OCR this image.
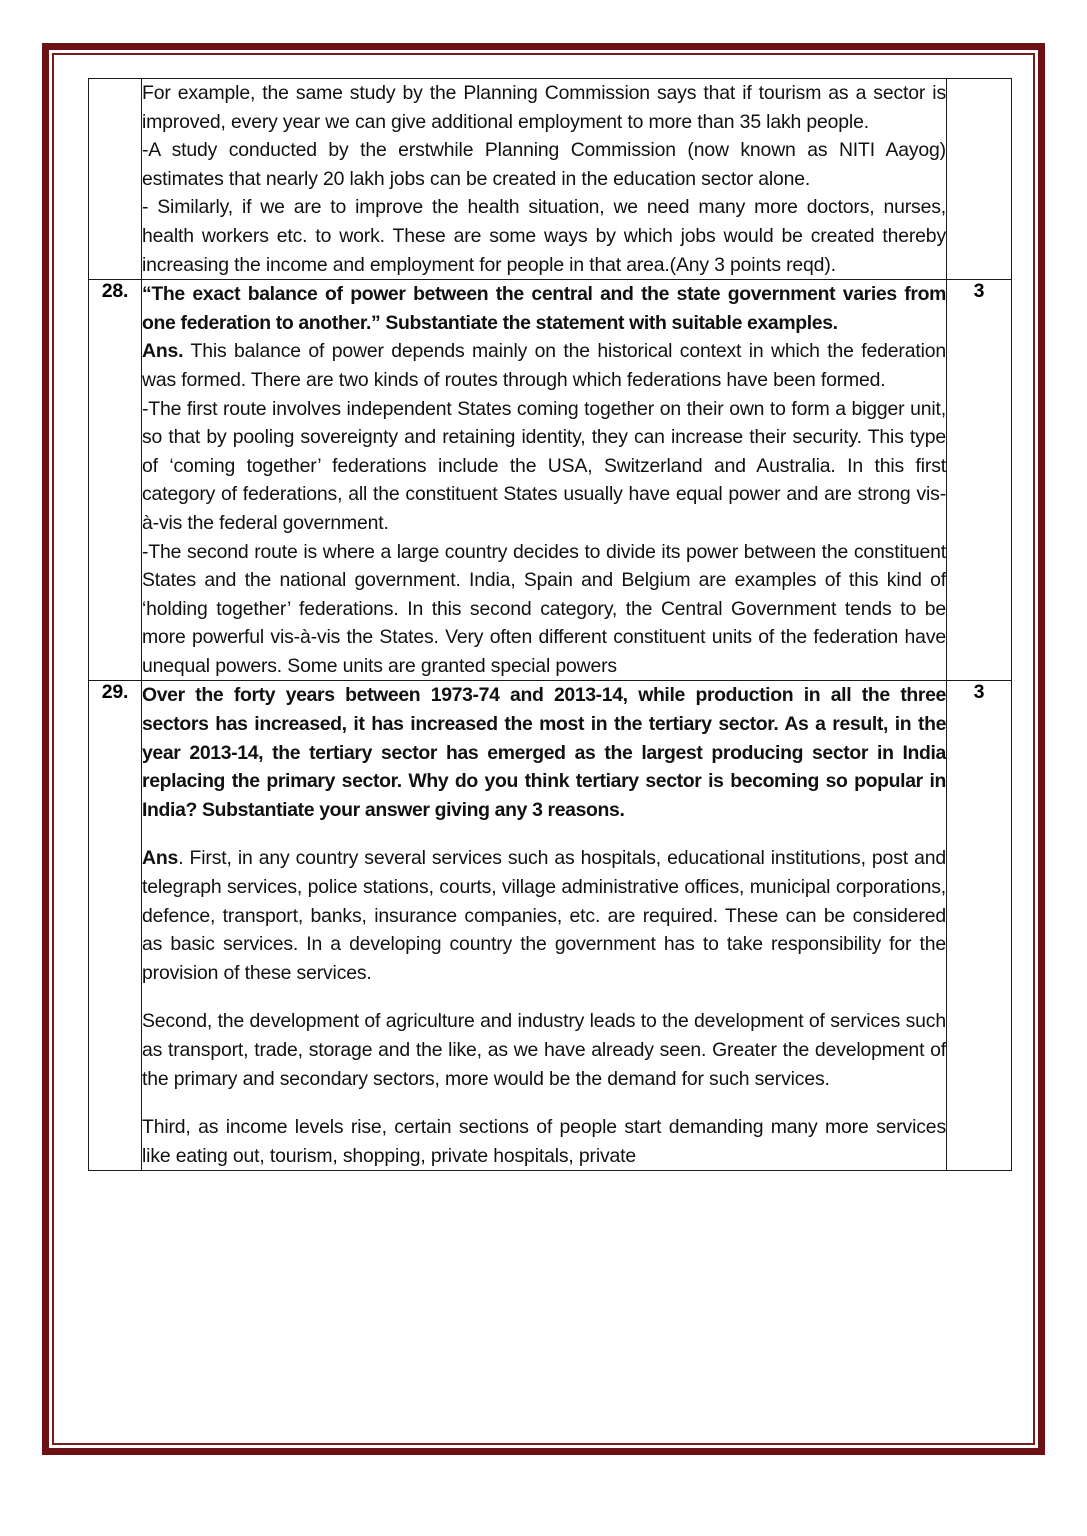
	For example, the same study by the Planning Commission says that if tourism as a sector is improved, every year we can give additional employment to more than 35 lakh people.

-A study conducted by the erstwhile Planning Commission (now known as NITI Aayog) estimates that nearly 20 lakh jobs can be created in the education sector alone.

- Similarly, if we are to improve the health situation, we need many more doctors, nurses, health workers etc. to work. These are some ways by which jobs would be created thereby increasing the income and employment for people in that area.(Any 3 points reqd).	

28.	“The exact balance of power between the central and the state government varies from one federation to another.” Substantiate the statement with suitable examples.

Ans. This balance of power depends mainly on the historical context in which the federation was formed. There are two kinds of routes through which federations have been formed.

-The first route involves independent States coming together on their own to form a bigger unit, so that by pooling sovereignty and retaining identity, they can increase their security. This type of ‘coming together’ federations include the USA, Switzerland and Australia. In this first category of federations, all the constituent States usually have equal power and are strong vis-à-vis the federal government.

-The second route is where a large country decides to divide its power between the constituent States and the national government. India, Spain and Belgium are examples of this kind of ‘holding together’ federations. In this second category, the Central Government tends to be more powerful vis-à-vis the States. Very often different constituent units of the federation have unequal powers. Some units are granted special powers	3
29.	Over the forty years between 1973-74 and 2013-14, while production in all the three sectors has increased, it has increased the most in the tertiary sector. As a result, in the year 2013-14, the tertiary sector has emerged as the largest producing sector in India replacing the primary sector. Why do you think tertiary sector is becoming so popular in India? Substantiate your answer giving any 3 reasons.

Ans. First, in any country several services such as hospitals, educational institutions, post and telegraph services, police stations, courts, village administrative offices, municipal corporations, defence, transport, banks, insurance companies, etc. are required. These can be considered as basic services. In a developing country the government has to take responsibility for the provision of these services.

Second, the development of agriculture and industry leads to the development of services such as transport, trade, storage and the like, as we have already seen. Greater the development of the primary and secondary sectors, more would be the demand for such services.

Third, as income levels rise, certain sections of people start demanding many more services like eating out, tourism, shopping, private hospitals, private	3
